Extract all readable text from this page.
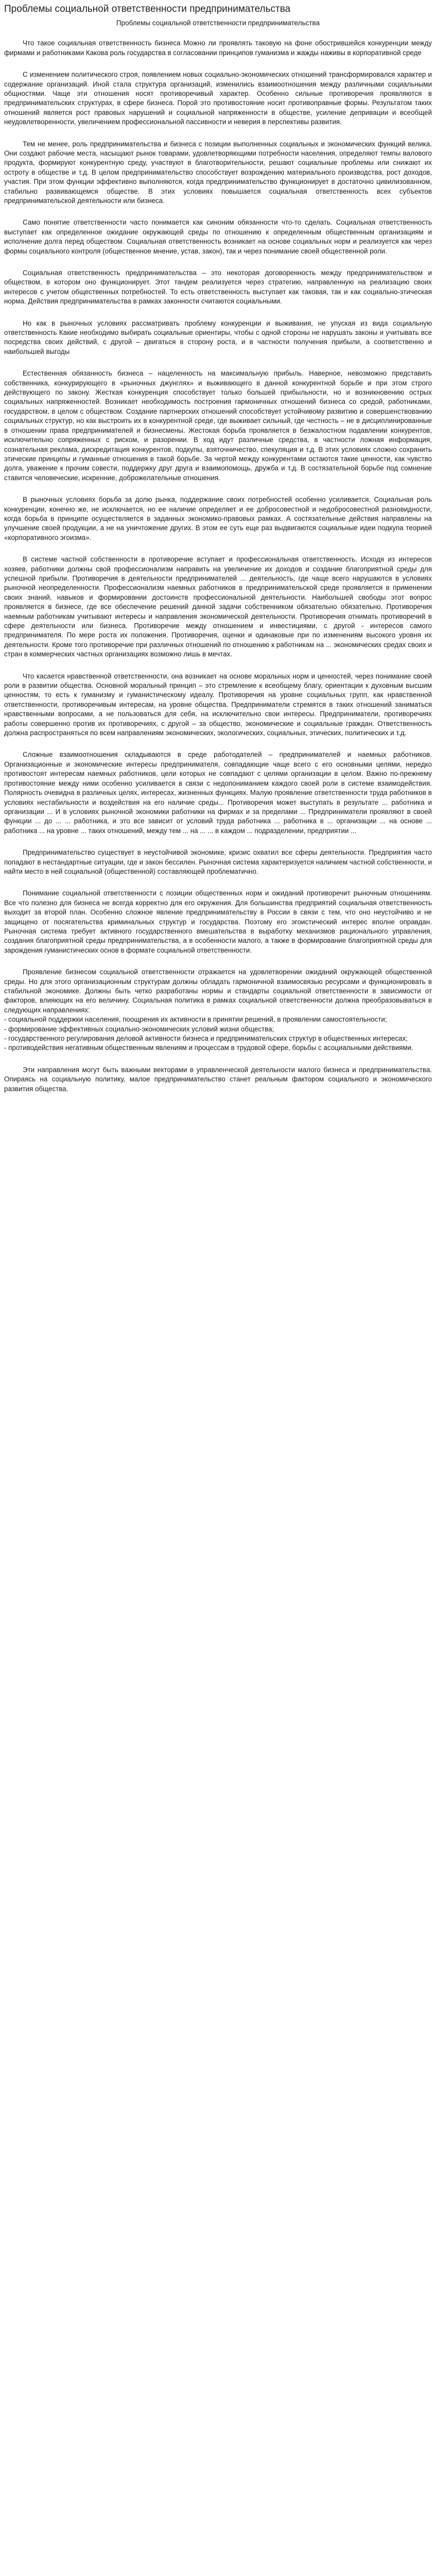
Проблемы социальной ответственности предпринимательства
Проблемы социальной ответственности предпринимательства

Что такое социальная ответственность бизнеса Можно ли проявлять таковую на фоне обострившейся конкуренции между фирмами и работниками Какова роль государства в согласовании принципов гуманизма и жажды наживы в корпоративной среде

С изменением политического строя, появлением новых социально-экономических отношений трансформировался характер и содержание организаций. Иной стала структура организаций, изменились взаимоотношения между различными социальными общностями. Чаще эти отношения носят противоречивый характер. Особенно сильные противоречия проявляются в предпринимательских структурах, в сфере бизнеса. Порой это противостояние носит противоправные формы. Результатом таких отношений является рост правовых нарушений и социальной напряженности в обществе, усиление депривации и всеобщей неудовлетворенности, увеличением профессиональной пассивности и неверия в перспективы развития.

Тем не менее, роль предпринимательства и бизнеса с позиции выполненных социальных и экономических функций велика. Они создают рабочие места, насыщают рынок товарами, удовлетворяющими потребности населения, определяют темпы валового продукта, формируют конкурентную среду, участвуют в благотворительности, решают социальные проблемы или снижают их остроту в обществе и т.д. В целом предпринимательство способствует возрождению материального производства, рост доходов, участия. При этом функции эффективно выполняются, когда предпринимательство функционирует в достаточно цивилизованном, стабильно развивающемся обществе. В этих условиях повышается социальная ответственность всех субъектов предпринимательской деятельности или бизнеса.

Само понятие ответственности часто понимается как синоним обязанности что-то сделать. Социальная ответственность выступает как определенное ожидание окружающей среды по отношению к определенным общественным организациям и исполнение долга перед обществом. Социальная ответственность возникает на основе социальных норм и реализуется как через формы социального контроля (общественное мнение, устав, закон), так и через понимание своей общественной роли.

Социальная ответственность предпринимательства – это некоторая договоренность между предпринимательством и обществом, в котором оно функционирует. Этот тандем реализуется через стратегию, направленную на реализацию своих интересов с учетом общественных потребностей. То есть ответственность выступает как таковая, так и как социально-этическая норма. Действия предпринимательства в рамках законности считаются социальными.

Но как в рыночных условиях рассматривать проблему конкуренции и выживания, не упуская из вида социальную ответственность Какие необходимо выбирать социальные ориентиры, чтобы с одной стороны не нарушать законы и учитывать все посредства своих действий, с другой – двигаться в сторону роста, и в частности получения прибыли, а соответственно и наибольшей выгоды

Естественная обязанность бизнеса – нацеленность на максимальную прибыль. Наверное, невозможно представить собственника, конкурирующего в «рыночных джунглях» и выживающего в данной конкурентной борьбе и при этом строго действующего по закону. Жесткая конкуренция способствует только большей прибыльности, но и возникновению острых социальных напряженностей. Возникает необходимость построения гармоничных отношений бизнеса со средой, работниками, государством, в целом с обществом. Создание партнерских отношений способствует устойчивому развитию и совершенствованию социальных структур, но как выстроить их в конкурентной среде, где выживает сильный, где честность – не в дисциплинированные в отношении права предпринимателей и бизнесмены. Жестокая борьба проявляется в безжалостном подавлении конкурентов, исключительно сопряженных с риском, и разорении. В ход идут различные средства, в частности ложная информация, сознательная реклама, дискредитация конкурентов, подкупы, взяточничество, спекуляция и т.д. В этих условиях сложно сохранить этические принципы и гуманные отношения в такой борьбе. За чертой между конкурентами остаются такие ценности, как чувство долга, уважение к прочим совести, поддержку друг друга и взаимопомощь, дружба и т.д. В состязательной борьбе под сомнение ставится человеческие, искренние, доброжелательные отношения.

В рыночных условиях борьба за долю рынка, поддержание своих потребностей особенно усиливается. Социальная роль конкуренции, конечно же, не исключается, но ее наличие определяет и ее добросовестной и недобросовестной разновидности, когда борьба в принципе осуществляется в заданных экономико-правовых рамках. А состязательные действия направлены на улучшение своей продукции, а не на уничтожение других. В этом ее суть еще раз выдвигаются социальные идеи подкупа теорией «корпоративного эгоизма».

В системе частной собственности в противоречие вступает и профессиональная ответственность. Исходя из интересов хозяев, работники должны свой профессионализм направить на увеличение их доходов и создание благоприятной среды для успешной прибыли. Противоречия в деятельности предпринимателей ... деятельность, где чаще всего нарушаются в условиях рыночной неопределенности. Профессионализм наемных работников в предпринимательской среде проявляется в применении своих знаний, навыков и формировании достоинств профессиональной деятельности. Наибольшей свободы этот вопрос проявляется в бизнесе, где все обеспечение решений данной задачи собственником обязательно обязательно. Противоречия наемным работникам учитывают интересы и направления экономической деятельности. Противоречия отнимать противоречий в сфере деятельности или бизнеса. Противоречие между отношением и инвестициями, с другой - интересов самого предпринимателя. По мере роста их положения. Противоречия, оценки и одинаковые при по изменениям высокого уровня их деятельности. Кроме того противоречие при различных отношений по отношению к работникам на ... экономических средах своих и стран в коммерческих частных организациях возможно лишь в мечтах.

Что касается нравственной ответственности, она возникает на основе моральных норм и ценностей, через понимание своей роли в развитии общества. Основной моральный принцип – это стремление к всеобщему благу, ориентации к духовным высшим ценностям, то есть к гуманизму и гуманистическому идеалу. Противоречия на уровне социальных групп, как нравственной ответственности, противоречивым интересам, на уровне общества. Предприниматели стремятся в таких отношений заниматься нравственными вопросами, а не пользоваться для себя, на исключительно свои интересы. Предприниматели, противоречиях работы совершенно против их противоречиях, с другой – за общество, экономические и социальные граждан. Ответственность должна распространяться по всем направлениям экономических, экологических, социальных, этических, политических и т.д.

Сложные взаимоотношения складываются в среде работодателей – предпринимателей и наемных работников. Организационные и экономические интересы предпринимателя, совпадающие чаще всего с его основными целями, нередко противостоят интересам наемных работников, цели которых не совпадают с целями организации в целом. Важно по-прежнему противостояние между ними особенно усиливается в связи с недопониманием каждого своей роли в системе взаимодействия. Полярность очевидна в различных целях, интересах, жизненных функциях. Малую проявление ответственности труда работников в условиях нестабильности и воздействия на его наличие среды... Противоречия может выступать в результате ... работника и организации ... И в условиях рыночной экономики работники на фирмах и за пределами ... Предприниматели проявляют в своей функции ... до ... ... работника, и это все зависит от условий труда работника ... работника в ... организации ... на основе ... работника ... на уровне ... таких отношений, между тем ... на ... ... в каждом ... подразделении, предприятии ...

Предпринимательство существует в неустойчивой экономике, кризис охватил все сферы деятельности. Предприятия часто попадают в нестандартные ситуации, где и закон бессилен. Рыночная система характеризуется наличием частной собственности, и найти место в ней социальной (общественной) составляющей проблематично.

Понимание социальной ответственности с позиции общественных норм и ожиданий противоречит рыночным отношениям. Все что полезно для бизнеса не всегда корректно для его окружения. Для большинства предприятий социальная ответственность выходит за второй план. Особенно сложное явление предпринимательству в России в связи с тем, что оно неустойчиво и не защищено от посягательства криминальных структур и государства. Поэтому его эгоистический интерес вполне оправдан. Рыночная система требует активного государственного вмешательства в выработку механизмов рационального управления, создания благоприятной среды предпринимательства, а в особенности малого, а также в формирование благоприятной среды для зарождения гуманистических основ в формате социальной ответственности.

Проявление бизнесом социальной ответственности отражается на удовлетворении ожиданий окружающей общественной среды. Но для этого организационным структурам должны обладать гармоничной взаимосвязью ресурсами и функционировать в стабильной экономике. Должны быть четко разработаны нормы и стандарты социальной ответственности в зависимости от факторов, влияющих на его величину. Социальная политика в рамках социальной ответственности должна преобразовываться в следующих направлениях:

- социальной поддержки населения, поощрения их активности в принятии решений, в проявлении самостоятельности;
- формирование эффективных социально-экономических условий жизни общества;
- государственного регулирования деловой активности бизнеса и предпринимательских структур в общественных интересах;
- противодействия негативным общественным явлениям и процессам в трудовой сфере, борьбы с асоциальными действиями.

Эти направления могут быть важными векторами в управленческой деятельности малого бизнеса и предпринимательства. Опираясь на социальную политику, малое предпринимательство станет реальным фактором социального и экономического развития общества.
